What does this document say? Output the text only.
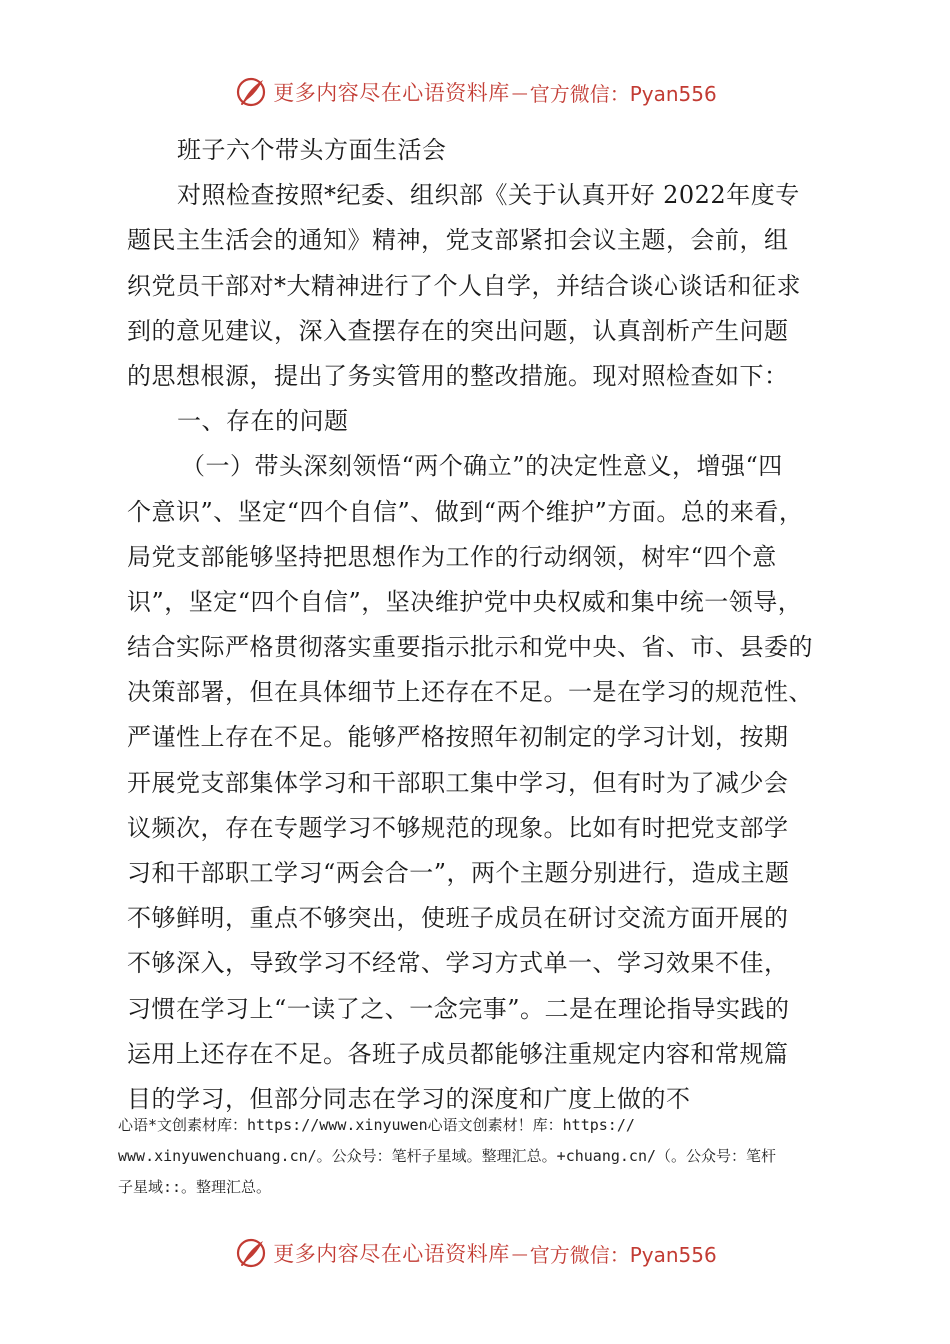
更多内容尽在心语资料库 — 官方微信：Pyan556
班子六个带头方面生活会
对照检查按照*纪委、组织部《关于认真开好 2022年度专
题民主生活会的通知》精神，党支部紧扣会议主题，会前，组
织党员干部对*大精神进行了个人自学，并结合谈心谈话和征求
到的意见建议，深入查摆存在的突出问题，认真剖析产生问题
的思想根源，提出了务实管用的整改措施。现对照检查如下：
一、存在的问题
（一）带头深刻领悟“两个确立”的决定性意义，增强“四
个意识”、坚定“四个自信”、做到“两个维护”方面。总的来看，
局党支部能够坚持把思想作为工作的行动纲领，树牢“四个意
识”，坚定“四个自信”，坚决维护党中央权威和集中统一领导，
结合实际严格贯彻落实重要指示批示和党中央、省、市、县委的
决策部署，但在具体细节上还存在不足。一是在学习的规范性、
严谨性上存在不足。能够严格按照年初制定的学习计划，按期
开展党支部集体学习和干部职工集中学习，但有时为了减少会
议频次，存在专题学习不够规范的现象。比如有时把党支部学
习和干部职工学习“两会合一”，两个主题分别进行，造成主题
不够鲜明，重点不够突出，使班子成员在研讨交流方面开展的
不够深入，导致学习不经常、学习方式单一、学习效果不佳，
习惯在学习上“一读了之、一念完事”。二是在理论指导实践的
运用上还存在不足。各班子成员都能够注重规定内容和常规篇
目的学习，但部分同志在学习的深度和广度上做的不
心语*文创素材库：https://www.xinyuwen心语文创素材！库：https://
www.xinyuwenchuang.cn/。公众号：笔杆子星域。整理汇总。+chuang.cn/（。公众号：笔杆
子星域::。整理汇总。
更多内容尽在心语资料库 — 官方微信：Pyan556
